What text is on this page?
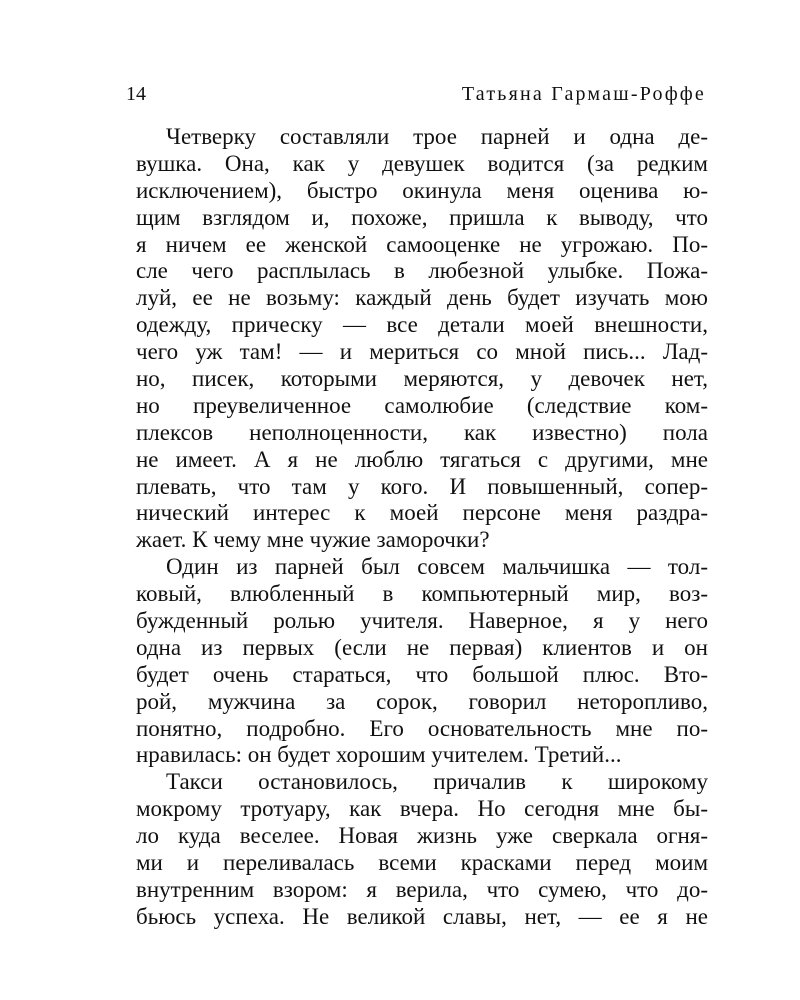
14	Татьяна Гармаш-Роффе
Четверку составляли трое парней и одна де-
вушка. Она, как у девушек водится (за редким
исключением), быстро окинула меня оценива ю-
щим взглядом и, похоже, пришла к выводу, что
я ничем ее женской самооценке не угрожаю. По-
сле чего расплылась в любезной улыбке. Пожа-
луй, ее не возьму: каждый день будет изучать мою
одежду, прическу — все детали моей внешности,
чего уж там! — и мериться со мной пись... Лад-
но, писек, которыми меряются, у девочек нет,
но преувеличенное самолюбие (следствие ком-
плексов неполноценности, как известно) пола
не имеет. А я не люблю тягаться с другими, мне
плевать, что там у кого. И повышенный, сопер-
нический интерес к моей персоне меня раздра-
жает. К чему мне чужие заморочки?
Один из парней был совсем мальчишка — тол-
ковый, влюбленный в компьютерный мир, воз-
бужденный ролью учителя. Наверное, я у него
одна из первых (если не первая) клиентов и он
будет очень стараться, что большой плюс. Вто-
рой, мужчина за сорок, говорил неторопливо,
понятно, подробно. Его основательность мне по-
нравилась: он будет хорошим учителем. Третий...
Такси остановилось, причалив к широкому
мокрому тротуару, как вчера. Но сегодня мне бы-
ло куда веселее. Новая жизнь уже сверкала огня-
ми и переливалась всеми красками перед моим
внутренним взором: я верила, что сумею, что до-
бьюсь успеха. Не великой славы, нет, — ее я не
